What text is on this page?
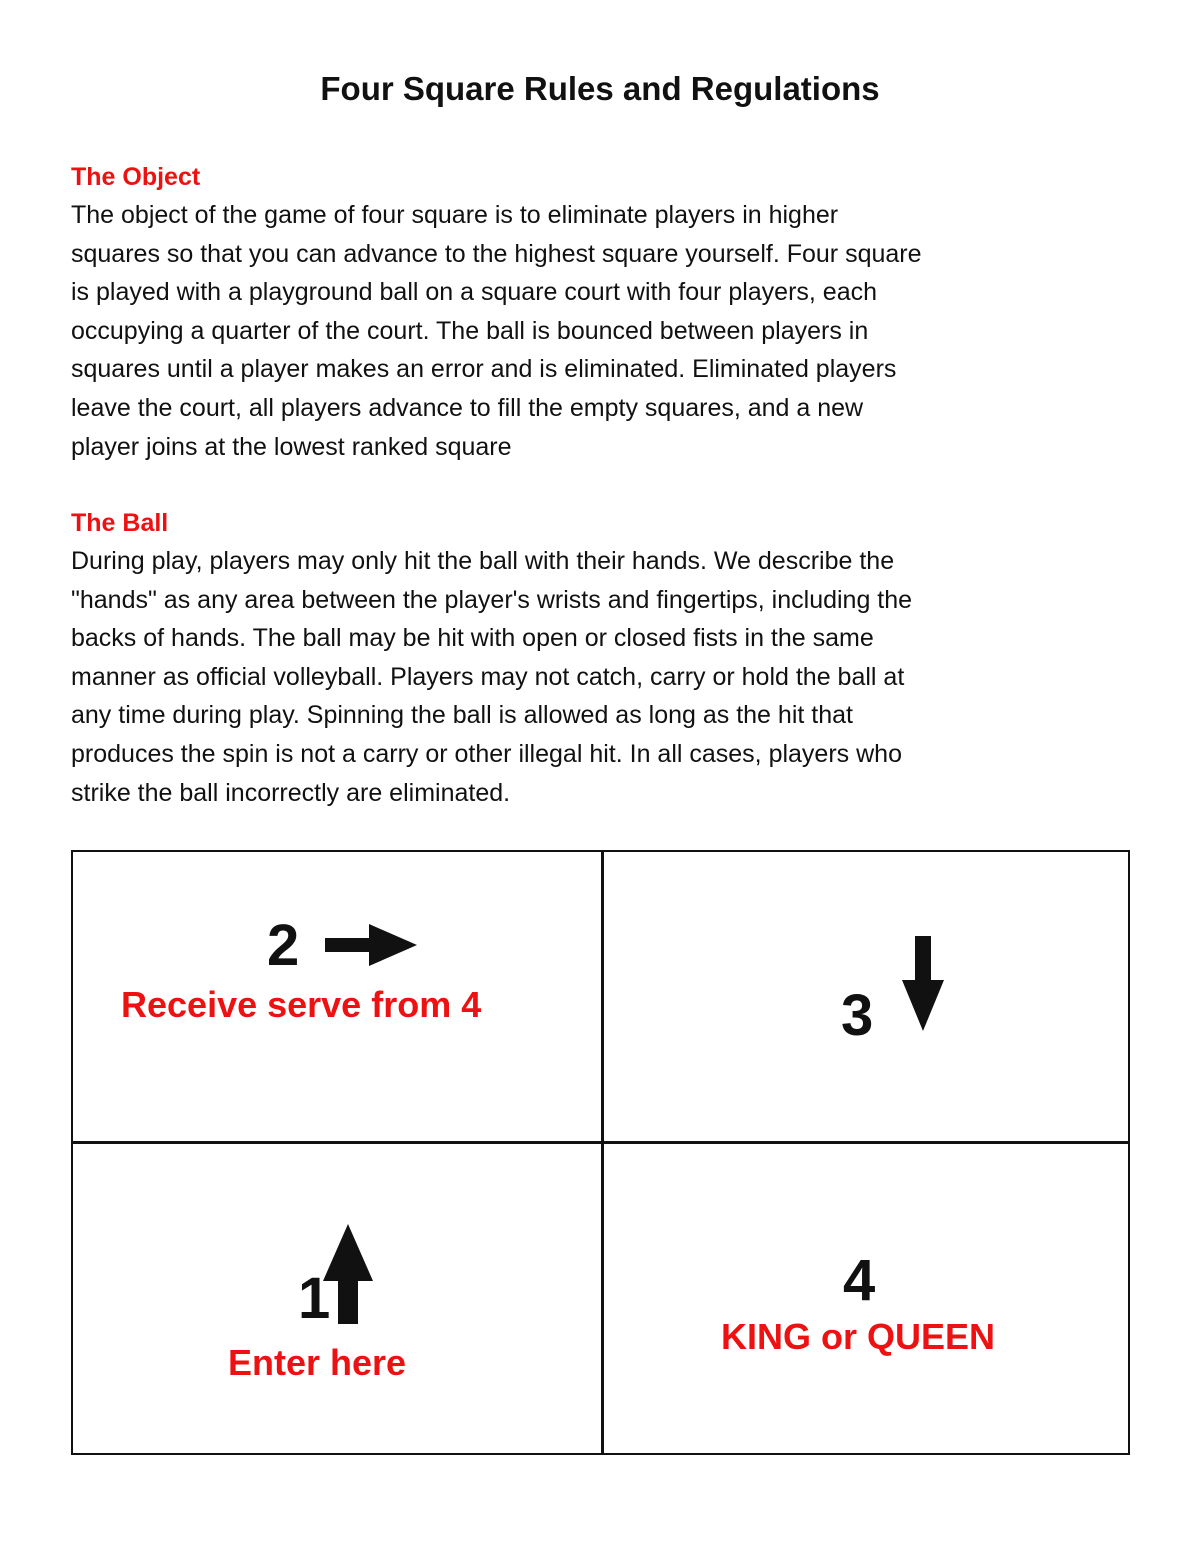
Four Square Rules and Regulations

The Object

The object of the game of four square is to eliminate players in higher

squares so that you can advance to the highest square yourself. Four square

is played with a playground ball on a square court with four players, each

occupying a quarter of the court. The ball is bounced between players in

squares until a player makes an error and is eliminated. Eliminated players

leave the court, all players advance to fill the empty squares, and a new

player joins at the lowest ranked square

The Ball

During play, players may only hit the ball with their hands. We describe the

"hands" as any area between the player's wrists and fingertips, including the

backs of hands. The ball may be hit with open or closed fists in the same

manner as official volleyball. Players may not catch, carry or hold the ball at

any time during play. Spinning the ball is allowed as long as the hit that

produces the spin is not a carry or other illegal hit. In all cases, players who

strike the ball incorrectly are eliminated.

2
Receive serve from 4	3
1
Enter here
4
KING or QUEEN
